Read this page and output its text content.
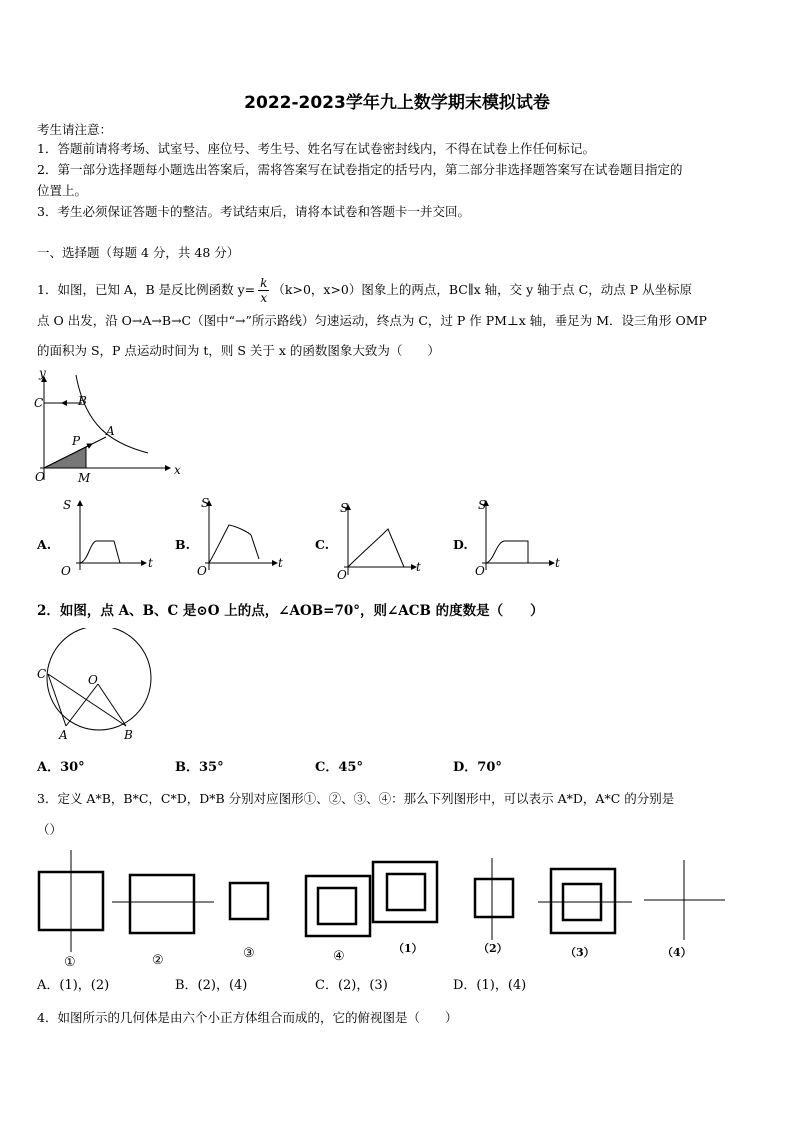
2022-2023学年九上数学期末模拟试卷
考生请注意：
1．答题前请将考场、试室号、座位号、考生号、姓名写在试卷密封线内，不得在试卷上作任何标记。
2．第一部分选择题每小题选出答案后，需将答案写在试卷指定的括号内，第二部分非选择题答案写在试卷题目指定的
位置上。
3．考生必须保证答题卡的整洁。考试结束后，请将本试卷和答题卡一并交回。
一、选择题（每题 4 分，共 48 分）
1．如图，已知 A，B 是反比例函数 $y= \frac{k}{x} (k>0$，x>0）图象上的两点，BC∥x 轴，交 y 轴于点 C，动点 P 从坐标原
点 O 出发，沿 O→A→B→C（图中“→”所示路线）匀速运动，终点为 C，过 P 作 PM⊥x 轴，垂足为 M．设三角形 OMP
的面积为 S，P 点运动时间为 t，则 S 关于 x 的函数图象大致为（　　）
y
x
C	B
A
P
O	M
A.
S
O
t
B.
S
O
t
C.
S
O
t
D.
S
O
t
2．如图，点 A、B、C 是⊙O 上的点，∠AOB=70°，则∠ACB 的度数是（　　）
C	O
A	B
A．30°	B．35°	C．45°	D．70°
3．定义 A*B，B*C，C*D，D*B 分别对应图形①、②、③、④：那么下列图形中，可以表示 A*D，A*C 的分别是
（）
①	②	③	④
（1）	（2）	（3）	（4）
A．(1)，(2)	B．(2)，(4)	C．(2)，(3)	D．(1)，(4)
4．如图所示的几何体是由六个小正方体组合而成的，它的俯视图是（　　）
